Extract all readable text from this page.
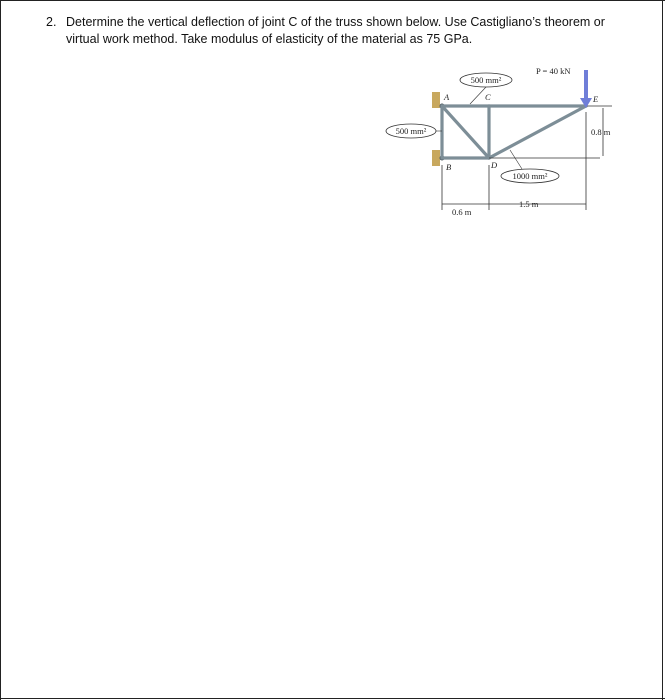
2. Determine the vertical deflection of joint C of the truss shown below. Use Castigliano’s theorem or virtual work method. Take modulus of elasticity of the material as 75 GPa.
500 mm²
500 mm²
1000 mm²
P = 40 kN
A	C	E
B	D
0.8 m
0.6 m
1.5 m
